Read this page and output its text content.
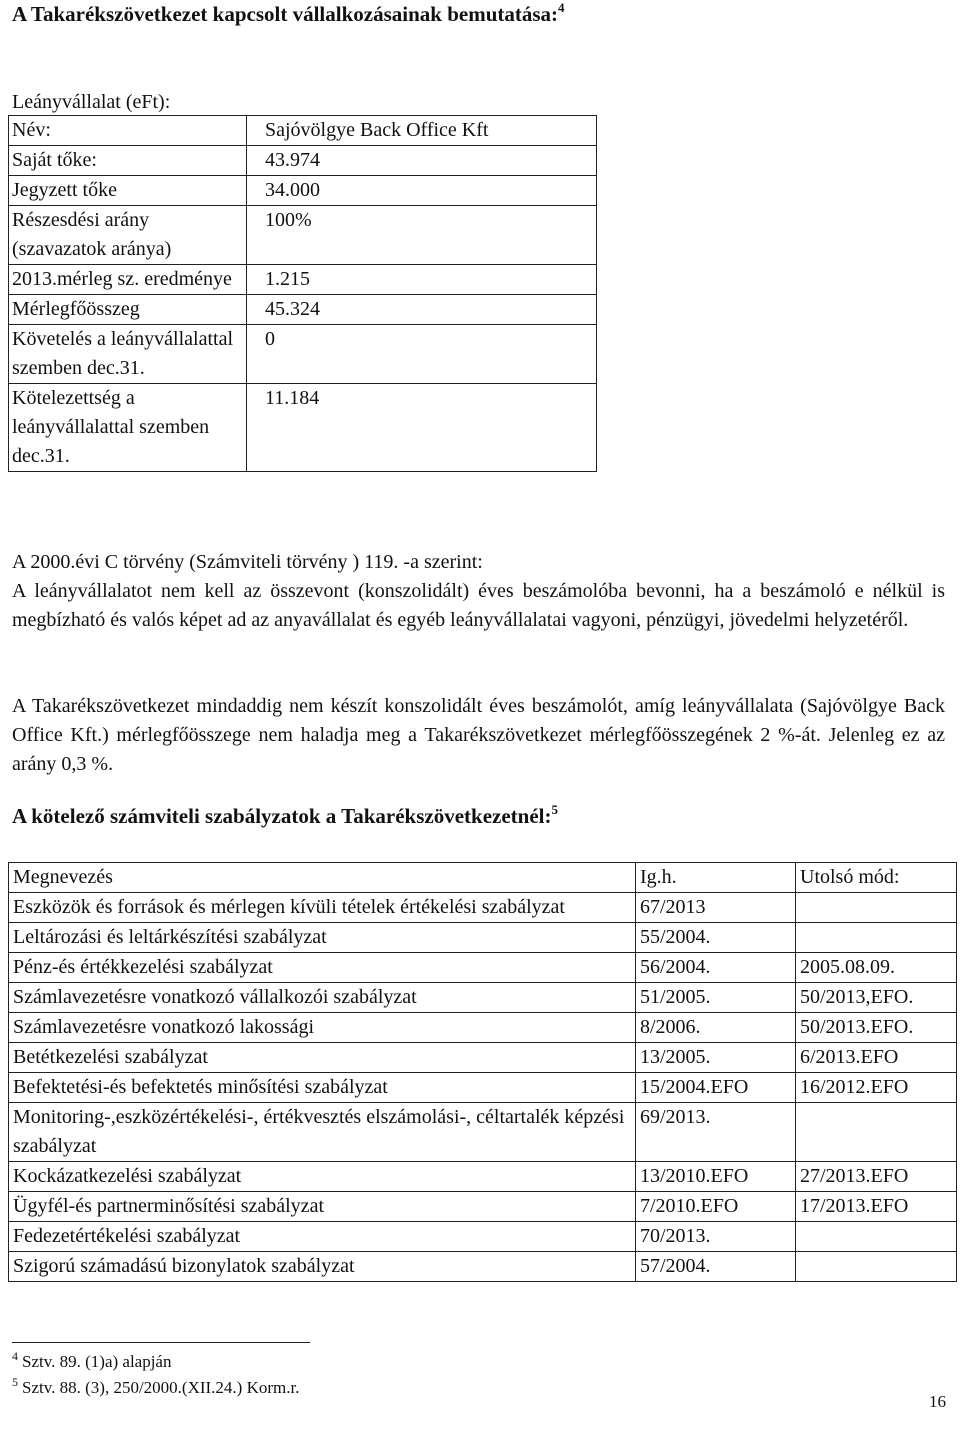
A Takarékszövetkezet kapcsolt vállalkozásainak bemutatása:$^4$
Leányvállalat (eFt):
Név:	Sajóvölgye Back Office Kft
Saját tőke:	43.974
Jegyzett tőke	34.000
Részesdési arány (szavazatok aránya)	100%
2013.mérleg sz. eredménye	1.215
Mérlegfőösszeg	45.324
Követelés a leányvállalattal szemben dec.31.	0
Kötelezettség a leányvállalattal szemben dec.31.	11.184
A 2000.évi C törvény (Számviteli törvény ) 119. -a szerint:
A leányvállalatot nem kell az összevont (konszolidált) éves beszámolóba bevonni, ha a beszámoló e nélkül is megbízható és valós képet ad az anyavállalat és egyéb leányvállalatai vagyoni, pénzügyi, jövedelmi helyzetéről.
A Takarékszövetkezet mindaddig nem készít konszolidált éves beszámolót, amíg leányvállalata (Sajóvölgye Back Office Kft.) mérlegfőösszege nem haladja meg a Takarékszövetkezet mérlegfőösszegének 2 %-át. Jelenleg ez az arány 0,3 %.
A kötelező számviteli szabályzatok a Takarékszövetkezetnél:$^5$
Megnevezés	Ig.h.	Utolsó mód:
Eszközök és források és mérlegen kívüli tételek értékelési szabályzat	67/2013	
Leltározási és leltárkészítési szabályzat	55/2004.	
Pénz-és értékkezelési szabályzat	56/2004.	2005.08.09.
Számlavezetésre vonatkozó vállalkozói szabályzat	51/2005.	50/2013,EFO.
Számlavezetésre vonatkozó lakossági	8/2006.	50/2013.EFO.
Betétkezelési szabályzat	13/2005.	6/2013.EFO
Befektetési-és befektetés minősítési szabályzat	15/2004.EFO	16/2012.EFO
Monitoring-,eszközértékelési-, értékvesztés elszámolási-, céltartalék képzési szabályzat	69/2013.	
Kockázatkezelési szabályzat	13/2010.EFO	27/2013.EFO
Ügyfél-és partnerminősítési szabályzat	7/2010.EFO	17/2013.EFO
Fedezetértékelési szabályzat	70/2013.	
Szigorú számadású bizonylatok szabályzat	57/2004.	
$^4$ Sztv. 89. (1)a) alapján
$^5$ Sztv. 88. (3), 250/2000.(XII.24.) Korm.r.
16
